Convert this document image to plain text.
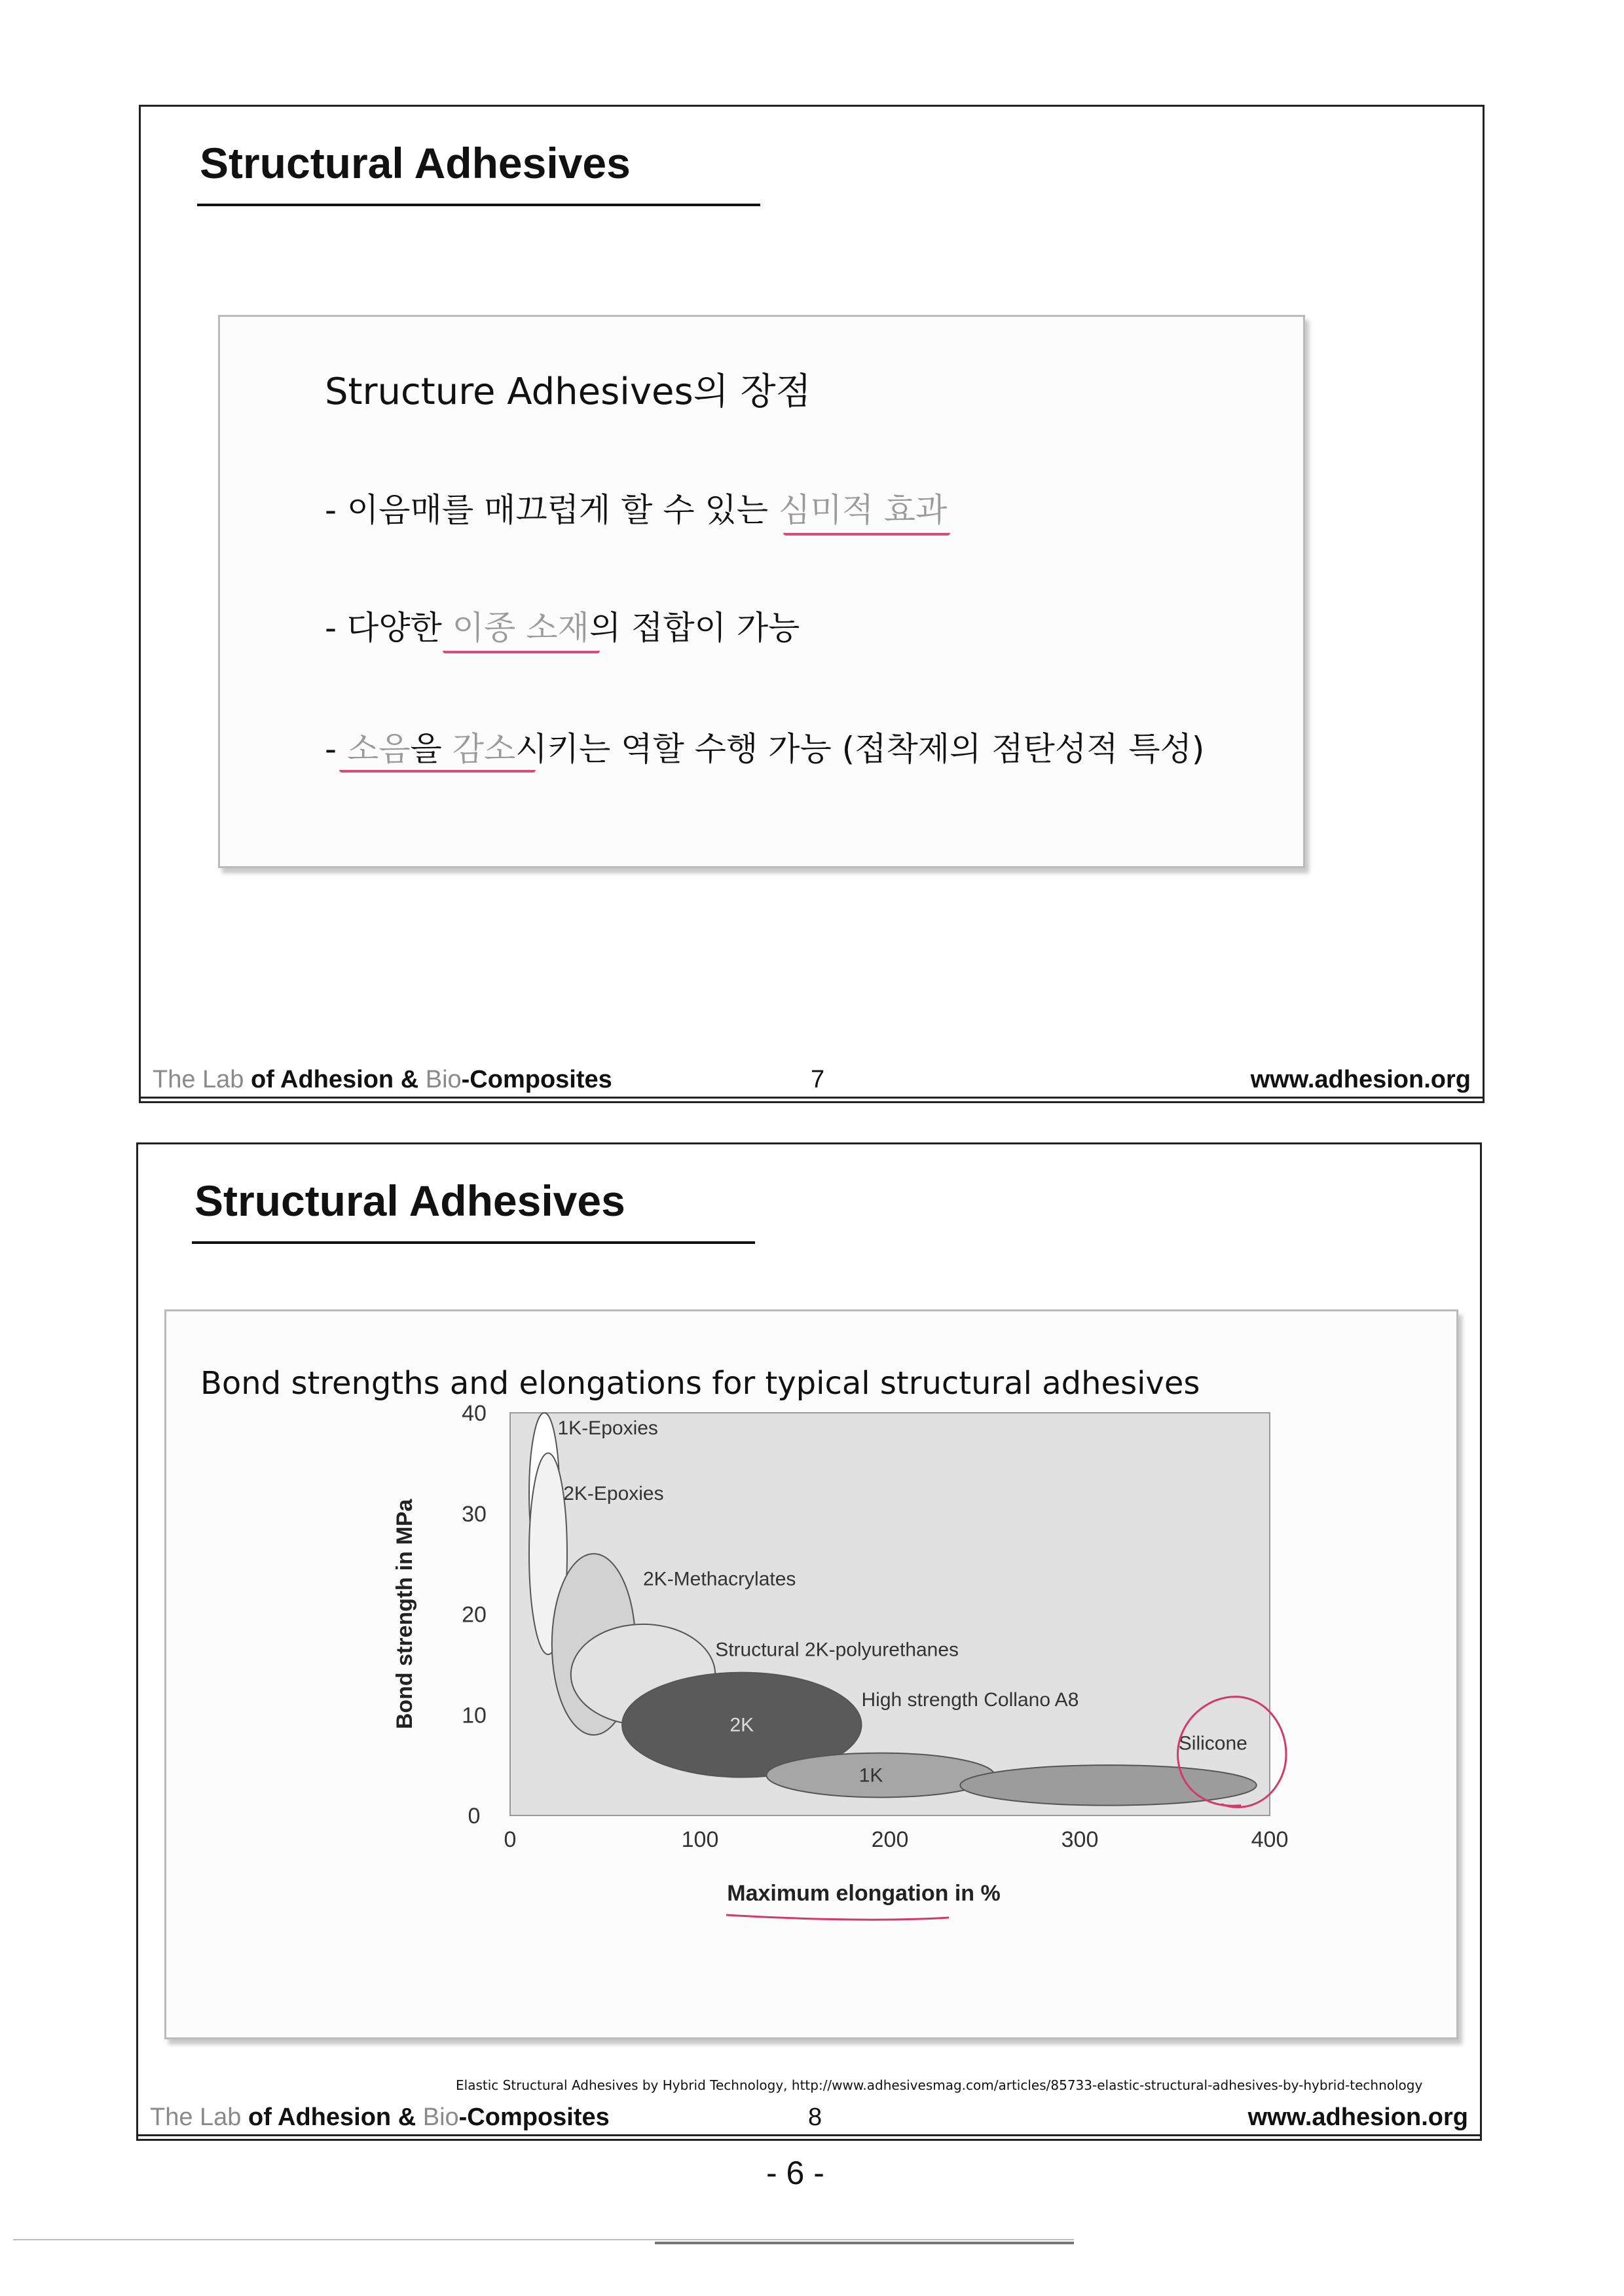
Structural Adhesives
Structure Adhesives의 장점
- 이음매를 매끄럽게 할 수 있는 심미적 효과
- 다양한 이종 소재의 접합이 가능
- 소음을 감소시키는 역할 수행 가능 (접착제의 점탄성적 특성)
The Lab of Adhesion & Bio-Composites	7	www.adhesion.org
Structural Adhesives
Bond strengths and elongations for typical structural adhesives
1K-Epoxies
2K-Epoxies
2K-Methacrylates
Structural 2K-polyurethanes
2K
High strength Collano A8
1K
Silicone
0	100	200	300	400
0
10
20
30
40
Bond strength in MPa
Maximum elongation in %
Elastic Structural Adhesives by Hybrid Technology, http://www.adhesivesmag.com/articles/85733-elastic-structural-adhesives-by-hybrid-technology
The Lab of Adhesion & Bio-Composites	8	www.adhesion.org
- 6 -
